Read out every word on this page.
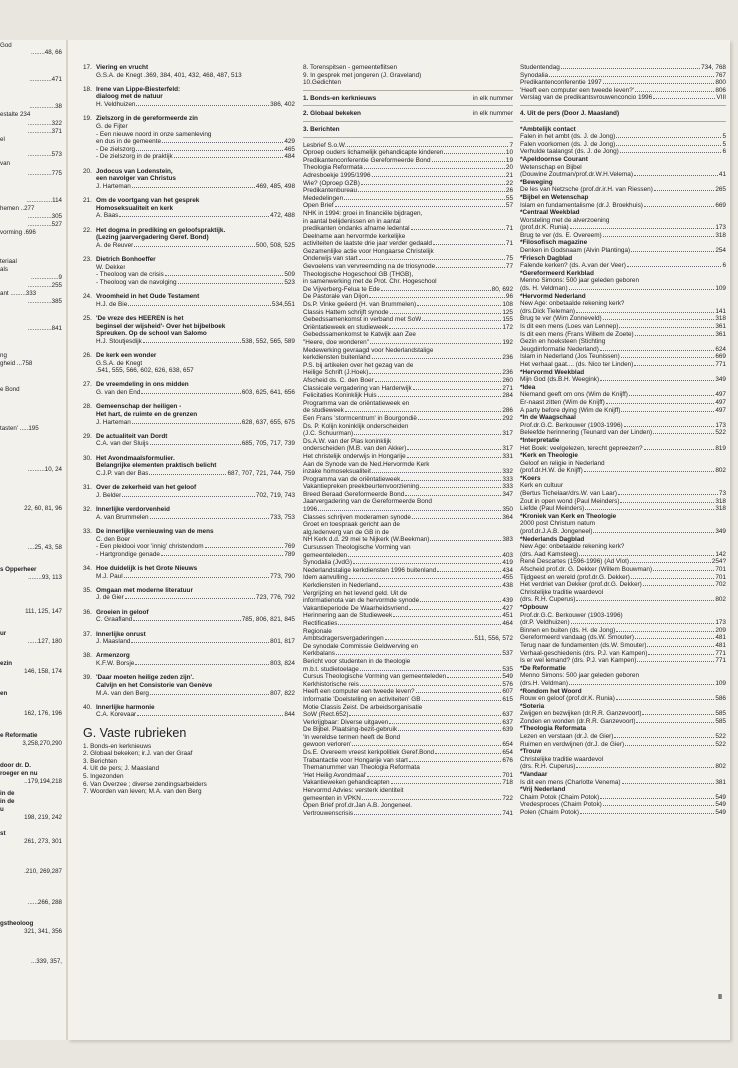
God
........48, 66
.............471
...............38
estalte 234
..............322
..............371
el
..............573
van
..............775
...............114
hemen ..277
..............305
..............527
vorming .696
teriaal
als
................9
..............255
ant .........333
..............385
..............841
ng
gheid ...758
e Bond
tasten' .....195
..........10, 24
22, 60, 81, 96
....25, 43, 58
s Opperheer
........93, 113
111, 125, 147
ur
......127, 180
ezin
146, 158, 174
en
162, 176, 196
e Reformatie
3,258,270,290
door dr. D.
roeger en nu
..179,194,218
in de
in de
u
198, 219, 242
st
261, 273, 301
.210, 269,287
......266, 288
gstheoloog
321, 341, 356
...339, 357,
17. Viering en vrucht
G.S.A. de Knegt .369, 384, 401, 432, 468, 487, 513
18. Irene van Lippe-Biesterfeld:
dialoog met de natuur
H. Veldhuizen	386, 402
19. Zielszorg in de gereformeerde zin
G. de Fijter
- Een nieuwe noord in onze samenleving
en dus in de gemeente	429
- De zielszorg	465
- De zielszorg in de praktijk	484
20. Jodocus van Lodenstein,
een navolger van Christus
J. Harteman	469, 485, 498
21. Om de voortgang van het gesprek
Homoseksualiteit en kerk
A. Baas	472, 488
22. Het dogma in prediking en geloofspraktijk.
(Lezing jaarvergadering Geref. Bond)
A. de Reuver	500, 508, 525
23. Dietrich Bonhoeffer
W. Dekker
- Theoloog van de crisis	509
- Theoloog van de navolging	523
24. Vroomheid in het Oude Testament
H.J. de Bie	534,551
25. 'De vreze des HEEREN is het
beginsel der wijsheid'- Over het bijbelboek
Spreuken. Op de school van Salomo
H.J. Stoutjesdijk	538, 552, 565, 589
26. De kerk een wonder
G.S.A. de Knegt
.541, 555, 566, 602, 626, 638, 657
27. De vreemdeling in ons midden
G. van den End	603, 625, 641, 656
28. Gemeenschap der heiligen -
Het hart, de ruimte en de grenzen
J. Harteman	628, 637, 655, 675
29. De actualiteit van Dordt
C.A. van der Sluijs	685, 705, 717, 739
30. Het Avondmaalsformulier.
Belangrijke elementen praktisch belicht
C.J.P. van der Bas	687, 707, 721, 744, 759
31. Over de zekerheid van het geloof
J. Belder	702, 719, 743
32. Innerlijke verdorvenheid
A. van Brummelen	733, 753
33. De innerlijke vernieuwing van de mens
C. den Boer
- Een pleidooi voor 'innig' christendom	769
- Hartgrondige genade	789
34. Hoe duidelijk is het Grote Nieuws
M.J. Paul	773, 790
35. Omgaan met moderne literatuur
J. de Gier	723, 776, 792
36. Groeien in geloof
C. Graafland	785, 806, 821, 845
37. Innerlijke onrust
J. Maasland	801, 817
38. Armenzorg
K.F.W. Borsje	803, 824
39. 'Daar moeten heilige zeden zijn'.
Calvijn en het Consistorie van Genève
M.A. van den Berg	807, 822
40. Innerlijke harmonie
C.A. Korevaar	844
G. Vaste rubrieken
1. Bonds-en kerknieuws
2. Globaal bekeken; ir.J. van der Graaf
3. Berichten
4. Uit de pers; J. Maasland
5. Ingezonden
6. Van Overzee ; diverse zendingsarbeiders
7. Woorden van leven; M.A. van den Berg
8. Torenspitsen - gemeenteflitsen
9. In gesprek met jongeren (J. Graveland)
10.Gedichten
1. Bonds-en kerknieuws	in elk nummer
2. Globaal bekeken	in elk nummer
3. Berichten
Lesbrief S.o.W.	7
Oproep ouders lichamelijk gehandicapte kinderen	10
Predikantenconferentie Gereformeerde Bond	19
Theologia Reformata	20
Adresboekje 1995/1996	21
Wie? (Oproep GZB)	22
Predikantenbureau	26
Mededelingen	55
Open Brief	57
NHK in 1994: groei in financiële bijdragen,
in aantal belijdenissen en in aantal
predikanten ondanks afname ledental	71
Deelname aan hervormde kerkelijke
activiteiten de laatste drie jaar verder gedaald	71
Gezamenlijke actie voor Hongaarse Christelijk
Onderwijs van start	75
Gevoelens van vervreemding na de triosynode	77
Theologische Hogeschool GB (THGB),
in samenwerking met de Prot. Chr. Hogeschool
De Vijverberg-Felua te Ede	80, 692
De Pastorale van Dijon	96
Ds.P. Vinke geëerd (H. van Brummelen)	108
Classis Hattem schrijft synode	125
Gebedssamenkomst in verband met SoW	155
Oriëntatieweek en studieweek	172
Gebedssamenkomst te Katwijk aan Zee
"Heere, doe wonderen"	192
Medewerking gevraagd voor Nederlandstalige
kerkdiensten buitenland	236
P.S. bij artikelen over het gezag van de
Heilige Schrift (J.Hoek)	236
Afscheid ds. C. den Boer	260
Classicale vergadering van Harderwijk	271
Felicitaties Koninklijk Huis	284
Programma van de oriëntatieweek en
de studieweek	286
Een Frans 'stormcentrum' in Bourgondië	292
Ds. P. Kolijn koninklijk onderscheiden
(J.C. Schuurman)	317
Ds.A.W. van der Plas koninklijk
onderscheiden (M.B. van den Akker)	317
Het christelijk onderwijs in Hongarije	331
Aan de Synode van de Ned.Hervormde Kerk
inzake homoseksualiteit	332
Programma van de oriëntatieweek	333
Vakantiepreken preekbeurtenvoorziening	333
Breed Beraad Gereformeerde Bond	347
Jaarvergadering van de Gereformeerde Bond
1996	350
Classes schrijven moderamen synode	364
Groet en toespraak gericht aan de
alg.ledenverg van de GB in de
NH Kerk d.d. 29 mei te Nijkerk (W.Beekman)	383
Cursussen Theologische Vorming van
gemeenteleden	403
Synodalia (JvdG)	419
Nederlandstalige kerkdiensten 1996 buitenland	434
Idem aanvulling	455
Kerkdiensten in Nederland	438
Vergrijzing en het levend geld. Uit de
informatienota van de hervormde synode	439
Vakantieperiode De Waarheidsvriend	427
Herinnering aan de Studieweek	451
Rectificaties	464
Regionale
Ambtsdragersvergaderingen	511, 556, 572
De synodale Commissie Geldwerving en
Kerkbalans	537
Bericht voor studenten in de theologie
m.b.t. studietoelage	535
Cursus Theologische Vorming van gemeenteleden	549
Kerkhistorische reis	576
Heeft een computer een tweede leven?	607
Informatie 'Doelstelling en activiteiten' GB	615
Motie Classis Zeist. De arbeidsorganisatie
SoW (Rect.652)	637
Verkrijgbaar: Diverse uitgaven	637
De Bijbel. Plaatsing-bezit-gebruik	639
'In wereldse termen heeft de Bond
gewoon verloren'	654
Ds.E. Overeem vreest kerkpolitiek Geref.Bond	654
Trabantactie voor Hongarije van start	676
Themanummer van Theologia Reformata
'Het Heilig Avondmaal'	701
Vakantieweken gehandicapten	718
Hervormd Advies: versterk identiteit
gemeenten in VPKN	722
Open Brief prof.dr.Jan A.B. Jongeneel.
Vertrouwenscrisis	741
Studentendag	734, 768
Synodalia	767
Predikantenconferentie 1997	800
'Heeft een computer een tweede leven?'	806
Verslag van de predikantsvrouwenconcio 1996	VIII
4. Uit de pers (Door J. Maasland)
*Ambtelijk contact
Falen in het ambt (ds. J. de Jong)	5
Falen voorkomen (ds. J. de Jong)	5
Verhulde taalangst (ds. J. de Jong)	6
*Apeldoornse Courant
Wetenschap en Bijbel
(Douwine Zoutman/prof.dr.W.H.Velema)	41
*Beweging
De les van Netzsche (prof.dr.ir.H. van Riessen)	265
*Bijbel en Wetenschap
Islam en fundamentalisme (dr.J. Broekhuis)	669
*Centraal Weekblad
Worsteling met de alverzoening
(prof.dr.K. Runia)	173
Brug te ver (ds. E. Overeem)	318
*Filosofisch magazine
Denken in Godsnaam (Alvin Plantinga)	254
*Friesch Dagblad
Falende kerken? (ds. A.van der Veer)	6
*Gereformeerd Kerkblad
Menno Simons: 500 jaar geleden geboren
(ds. H. Veldman)	109
*Hervormd Nederland
New Age: onbetaalde rekening kerk?
(drs.Dick Tieleman)	141
Brug te ver (Wim Zonneveld)	318
Is dit een mens (Loes van Lennep)	361
Is dit een mens (Frans Willem de Zoete)	361
Gezin en hoeksteen (Stichting
Jeugdinformatie Nederland)	624
Islam in Nederland (Jos Teunissen)	669
Het verhaal gaat.... (ds. Nico ter Linden)	771
*Hervormd Weekblad
Mijn God (ds.B.H. Weegink)	349
*Idea
Niemand geeft om ons (Wim de Knijff)	497
Er-naast zitten (Wim de Knijff)	497
A party before dying (Wim de Knijff)	497
*In de Waagschaal
Prof.dr.G.C. Berkouwer (1903-1996)	173
Beleefde herinnering (Teunard van der Linden)	522
*Interpretatie
Het Boek: veelgelezen, terecht gepreezen?	819
*Kerk en Theologie
Geloof en religie in Nederland
(prof.dr.H.W. de Knijff)	802
*Koers
Kerk en cultuur
(Bertus Tichelaar/drs.W. van Laar)	73
Zout in open wond (Paul Meinders)	318
Liefde (Paul Meinders)	318
*Kroniek van Kerk en Theologie
2000 post Christum natum
(prof.dr.J.A.B. Jongeneel)	349
*Nederlands Dagblad
New Age: onbetaalde rekening kerk?
(drs. Aad Kamsteeg)	142
René Descartes (1596-1996) (Ad Vlot)	254?
Afscheid prof.dr. G. Dekker (Willem Bouwman)	701
Tijdgeest en wereld (prof.dr.G. Dekker)	701
Het verdriet van Dekker (prof.dr.G. Dekker)	702
Christelijke traditie waardevol
(drs. R.H. Cuperus)	802
*Opbouw
Prof.dr.G.C. Berkouwer (1903-1996)
(dr.P. Veldhuizen)	173
Binnen en buiten (ds. H. de Jong)	209
Gereformeerd vandaag (ds.W. Smouter)	481
Terug naar de fundamenten (ds.W. Smouter)	481
Verhaal-geschiedenis (drs. P.J. van Kampen)	771
Is er wel lemand? (drs. P.J. van Kampen)	771
*De Reformatie
Menno Simons: 500 jaar geleden geboren
(drs.H. Veldman)	109
*Rondom het Woord
Rouw en geloof (prof.dr.K. Runia)	586
*Soteria
Zwijgen en bezwijken (dr.R.R. Ganzevoort)	585
Zonden en wonden (dr.R.R. Ganzevoort)	585
*Theologia Reformata
Lezen en verstaan (dr.J. de Gier)	522
Ruimen en verdwijnen (dr.J. de Gier)	522
*Trouw
Christelijke traditie waardevol
(drs. R.H. Cuperus)	802
*Vandaar
Is dit een mens (Charlotte Venema)	381
*Vrij Nederland
Chaim Potok (Chaim Potok)	549
Vredesproces (Chaim Potok)	549
Polen (Chaim Potok)	549
II
